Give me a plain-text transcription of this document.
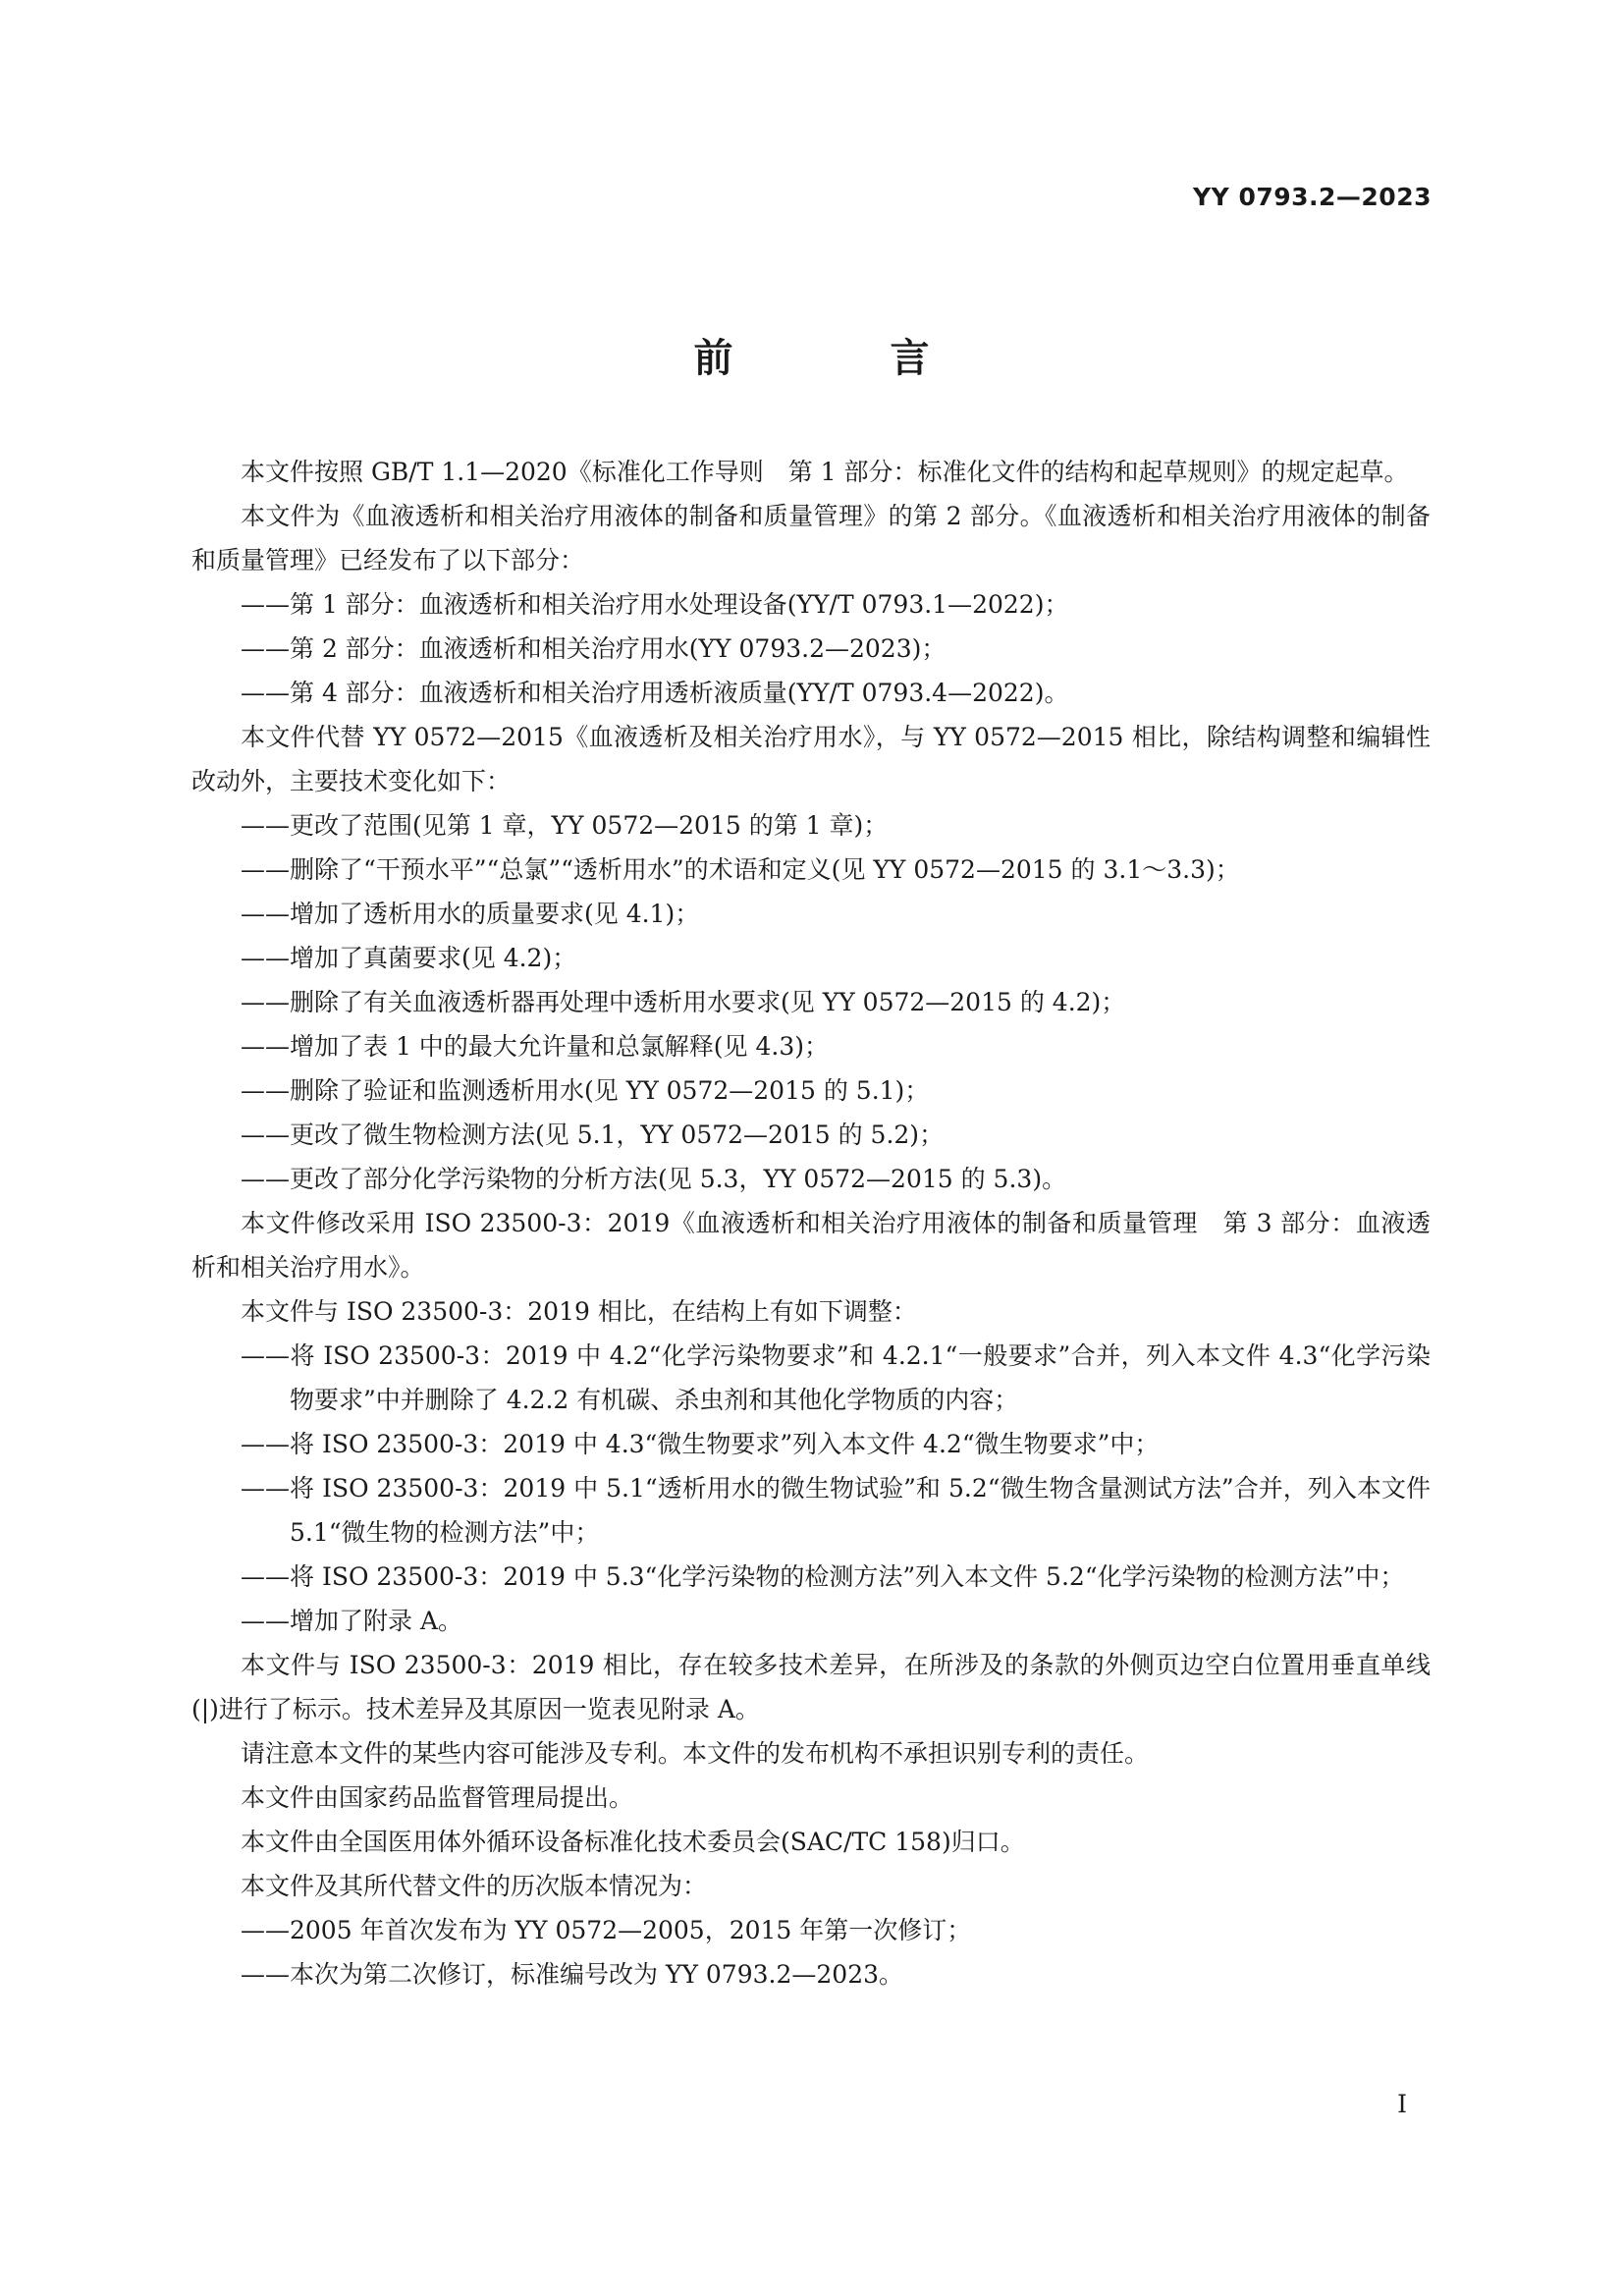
YY 0793.2—2023
前　言

本文件按照 GB/T 1.1—2020《标准化工作导则　第 1 部分：标准化文件的结构和起草规则》的规定起草。

本文件为《血液透析和相关治疗用液体的制备和质量管理》的第 2 部分。《血液透析和相关治疗用液体的制备和质量管理》已经发布了以下部分：

——第 1 部分：血液透析和相关治疗用水处理设备(YY/T 0793.1—2022)；

——第 2 部分：血液透析和相关治疗用水(YY 0793.2—2023)；

——第 4 部分：血液透析和相关治疗用透析液质量(YY/T 0793.4—2022)。

本文件代替 YY 0572—2015《血液透析及相关治疗用水》，与 YY 0572—2015 相比，除结构调整和编辑性改动外，主要技术变化如下：

——更改了范围(见第 1 章，YY 0572—2015 的第 1 章)；

——删除了“干预水平”“总氯”“透析用水”的术语和定义(见 YY 0572—2015 的 3.1～3.3)；

——增加了透析用水的质量要求(见 4.1)；

——增加了真菌要求(见 4.2)；

——删除了有关血液透析器再处理中透析用水要求(见 YY 0572—2015 的 4.2)；

——增加了表 1 中的最大允许量和总氯解释(见 4.3)；

——删除了验证和监测透析用水(见 YY 0572—2015 的 5.1)；

——更改了微生物检测方法(见 5.1，YY 0572—2015 的 5.2)；

——更改了部分化学污染物的分析方法(见 5.3，YY 0572—2015 的 5.3)。

本文件修改采用 ISO 23500-3：2019《血液透析和相关治疗用液体的制备和质量管理　第 3 部分：血液透析和相关治疗用水》。

本文件与 ISO 23500-3：2019 相比，在结构上有如下调整：

——将 ISO 23500-3：2019 中 4.2“化学污染物要求”和 4.2.1“一般要求”合并，列入本文件 4.3“化学污染物要求”中并删除了 4.2.2 有机碳、杀虫剂和其他化学物质的内容；

——将 ISO 23500-3：2019 中 4.3“微生物要求”列入本文件 4.2“微生物要求”中；

——将 ISO 23500-3：2019 中 5.1“透析用水的微生物试验”和 5.2“微生物含量测试方法”合并，列入本文件 5.1“微生物的检测方法”中；

——将 ISO 23500-3：2019 中 5.3“化学污染物的检测方法”列入本文件 5.2“化学污染物的检测方法”中；

——增加了附录 A。

本文件与 ISO 23500-3：2019 相比，存在较多技术差异，在所涉及的条款的外侧页边空白位置用垂直单线(|)进行了标示。技术差异及其原因一览表见附录 A。

请注意本文件的某些内容可能涉及专利。本文件的发布机构不承担识别专利的责任。

本文件由国家药品监督管理局提出。

本文件由全国医用体外循环设备标准化技术委员会(SAC/TC 158)归口。

本文件及其所代替文件的历次版本情况为：

——2005 年首次发布为 YY 0572—2005，2015 年第一次修订；

——本次为第二次修订，标准编号改为 YY 0793.2—2023。

I
